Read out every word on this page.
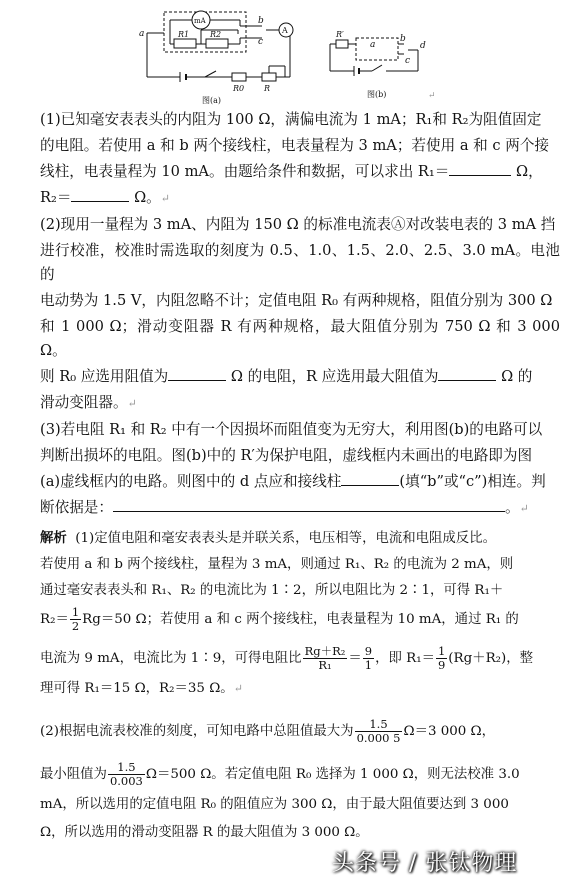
a
b
c
mA
A
R1	R2
R0 R
图(a)
R′
a
b
c
d
图(b)	↵

(1)已知毫安表表头的内阻为 100 Ω，满偏电流为 1 mA；R₁和 R₂为阻值固定

的电阻。若使用 a 和 b 两个接线柱，电表量程为 3 mA；若使用 a 和 c 两个接

线柱，电表量程为 10 mA。由题给条件和数据，可以求出 R₁＝	Ω，

R₂＝	Ω。↵

(2)现用一量程为 3 mA、内阻为 150 Ω 的标准电流表Ⓐ对改装电表的 3 mA 挡

进行校准，校准时需选取的刻度为 0.5、1.0、1.5、2.0、2.5、3.0 mA。电池的

电动势为 1.5 V，内阻忽略不计；定值电阻 R₀ 有两种规格，阻值分别为 300 Ω

和 1 000 Ω；滑动变阻器 R 有两种规格，最大阻值分别为 750 Ω 和 3 000 Ω。

则 R₀ 应选用阻值为	Ω 的电阻，R 应选用最大阻值为	Ω 的

滑动变阻器。↵

(3)若电阻 R₁ 和 R₂ 中有一个因损坏而阻值变为无穷大，利用图(b)的电路可以

判断出损坏的电阻。图(b)中的 R′为保护电阻，虚线框内未画出的电路即为图

(a)虚线框内的电路。则图中的 d 点应和接线柱	(填“b”或“c”)相连。判

断依据是：	。↵

解析 (1)定值电阻和毫安表表头是并联关系，电压相等，电流和电阻成反比。

若使用 a 和 b 两个接线柱，量程为 3 mA，则通过 R₁、R₂ 的电流为 2 mA，则

通过毫安表表头和 R₁、R₂ 的电流比为 1∶2，所以电阻比为 2∶1，可得 R₁＋

$R_2= \frac{1}{2} Rg=50$ Ω；若使用 a 和 c 两个接线柱，电表量程为 10 mA，通过 R₁ 的

电流为 9 mA，电流比为 1∶9，可得电阻比 $\frac{\text{Rg＋R₂}}{\text{R₁}} = \frac{9}{1}$ ，即 $R_1= \frac{1}{9} (Rg+R_2)$，整

理可得 R₁＝15 Ω，R₂＝35 Ω。↵

(2)根据电流表校准的刻度，可知电路中总阻值最大为 $\frac{1.5}{0.000 5} \Omega=3$ 000 Ω，

最小阻值为 $\frac{1.5}{0.003} \Omega=500$ Ω。若定值电阻 R₀ 选择为 1 000 Ω，则无法校准 3.0

mA，所以选用的定值电阻 R₀ 的阻值应为 300 Ω，由于最大阻值要达到 3 000

Ω，所以选用的滑动变阻器 R 的最大阻值为 3 000 Ω。

头条号 / 张钛物理
